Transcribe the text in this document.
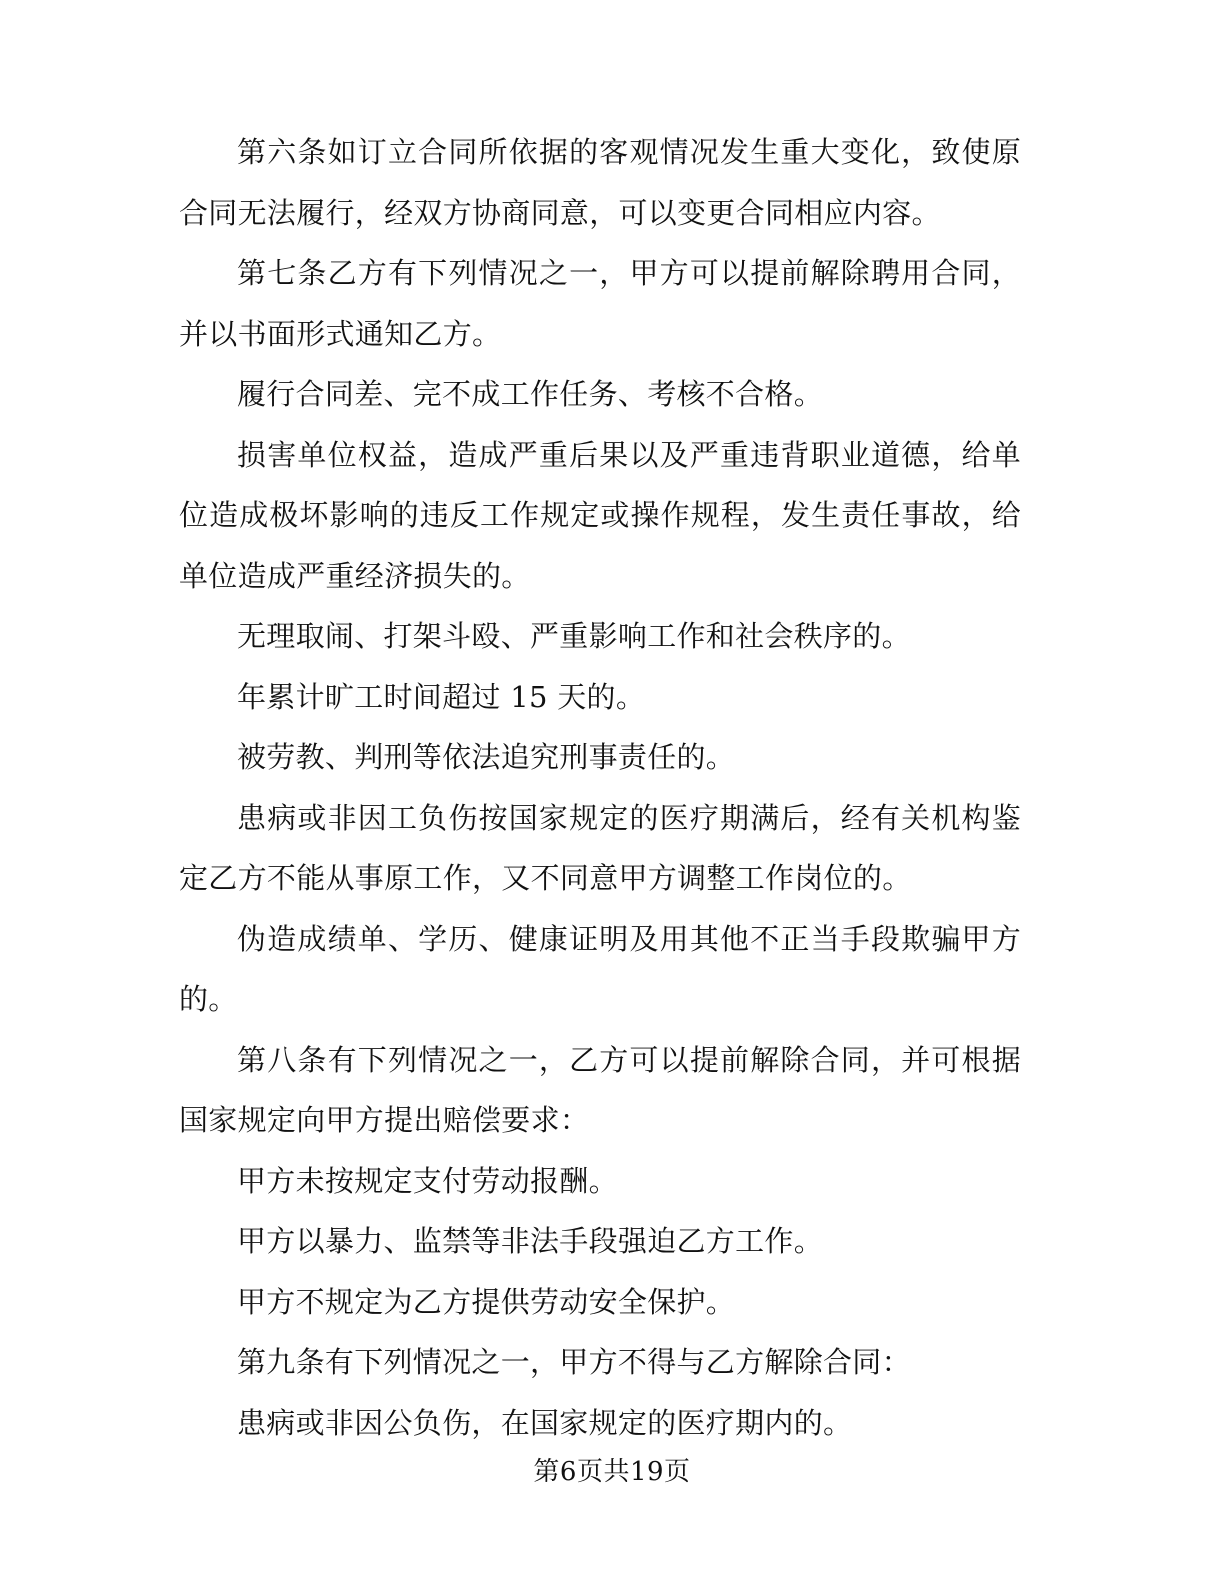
第六条如订立合同所依据的客观情况发生重大变化，致使原合同无法履行，经双方协商同意，可以变更合同相应内容。

第七条乙方有下列情况之一，甲方可以提前解除聘用合同，并以书面形式通知乙方。

履行合同差、完不成工作任务、考核不合格。

损害单位权益，造成严重后果以及严重违背职业道德，给单位造成极坏影响的违反工作规定或操作规程，发生责任事故，给单位造成严重经济损失的。

无理取闹、打架斗殴、严重影响工作和社会秩序的。

年累计旷工时间超过 15 天的。

被劳教、判刑等依法追究刑事责任的。

患病或非因工负伤按国家规定的医疗期满后，经有关机构鉴定乙方不能从事原工作，又不同意甲方调整工作岗位的。

伪造成绩单、学历、健康证明及用其他不正当手段欺骗甲方的。

第八条有下列情况之一，乙方可以提前解除合同，并可根据国家规定向甲方提出赔偿要求：

甲方未按规定支付劳动报酬。

甲方以暴力、监禁等非法手段强迫乙方工作。

甲方不规定为乙方提供劳动安全保护。

第九条有下列情况之一，甲方不得与乙方解除合同：

患病或非因公负伤，在国家规定的医疗期内的。

第6页共19页
